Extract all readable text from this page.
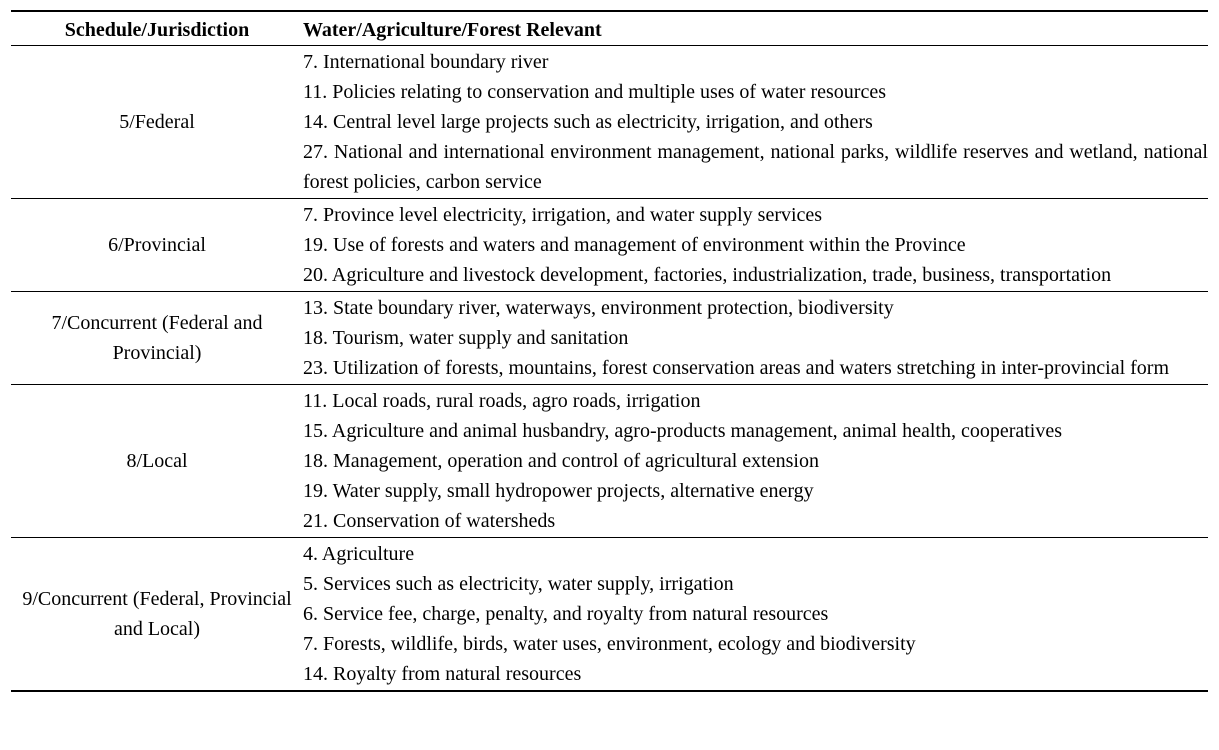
Schedule/Jurisdiction	Water/Agriculture/Forest Relevant
5/Federal	7. International boundary river

11. Policies relating to conservation and multiple uses of water resources

14. Central level large projects such as electricity, irrigation, and others

27. National and international environment management, national parks, wildlife reserves and wetland, national forest policies, carbon service

6/Provincial	7. Province level electricity, irrigation, and water supply services

19. Use of forests and waters and management of environment within the Province

20. Agriculture and livestock development, factories, industrialization, trade, business, transportation

7/Concurrent (Federal and Provincial)	13. State boundary river, waterways, environment protection, biodiversity

18. Tourism, water supply and sanitation

23. Utilization of forests, mountains, forest conservation areas and waters stretching in inter-provincial form

8/Local	11. Local roads, rural roads, agro roads, irrigation

15. Agriculture and animal husbandry, agro-products management, animal health, cooperatives

18. Management, operation and control of agricultural extension

19. Water supply, small hydropower projects, alternative energy

21. Conservation of watersheds

9/Concurrent (Federal, Provincial and Local)	4. Agriculture

5. Services such as electricity, water supply, irrigation

6. Service fee, charge, penalty, and royalty from natural resources

7. Forests, wildlife, birds, water uses, environment, ecology and biodiversity

14. Royalty from natural resources
